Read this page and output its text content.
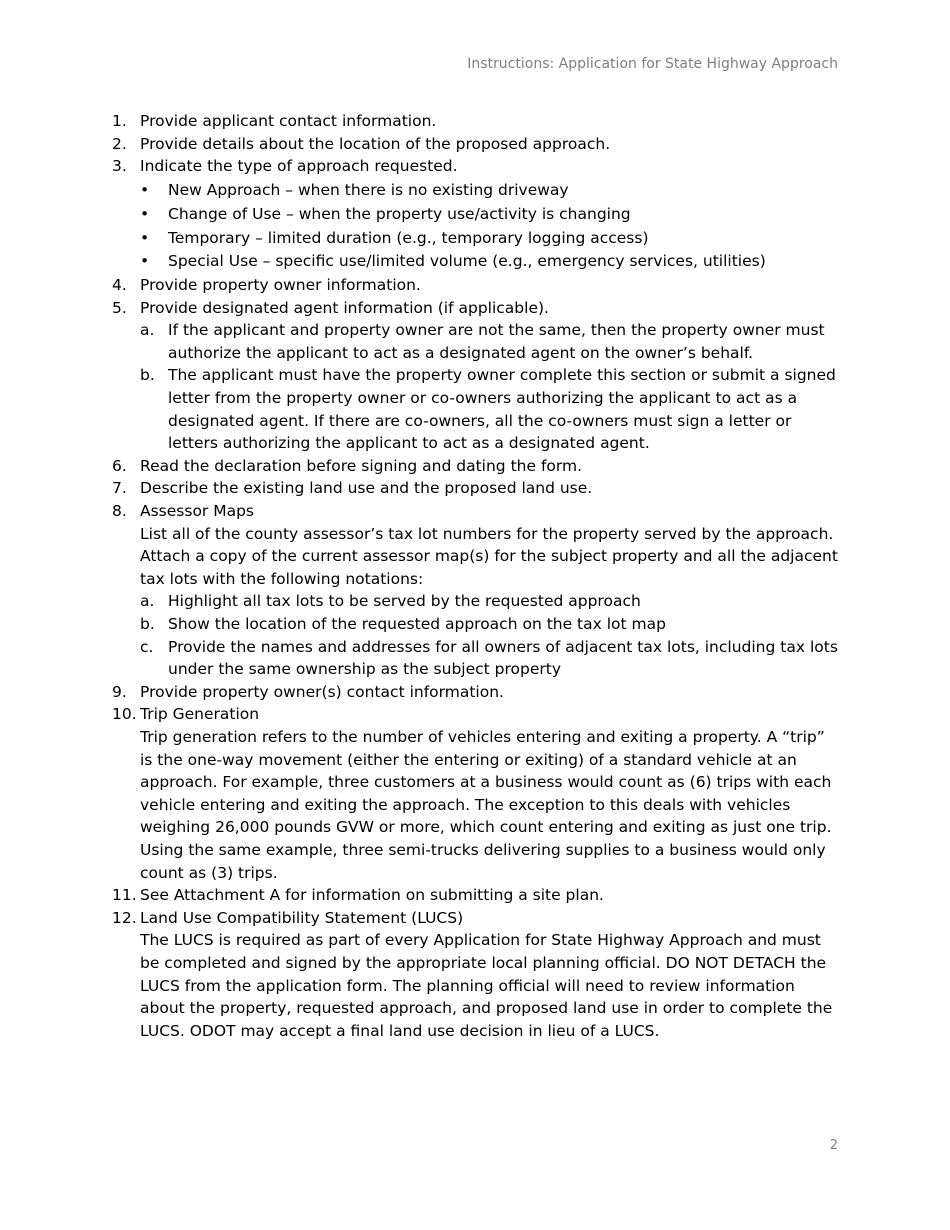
Instructions: Application for State Highway Approach
1. Provide applicant contact information.
2. Provide details about the location of the proposed approach.
3. Indicate the type of approach requested.
• New Approach – when there is no existing driveway
• Change of Use – when the property use/activity is changing
• Temporary – limited duration (e.g., temporary logging access)
• Special Use – specific use/limited volume (e.g., emergency services, utilities)
4. Provide property owner information.
5. Provide designated agent information (if applicable).
a. If the applicant and property owner are not the same, then the property owner must authorize the applicant to act as a designated agent on the owner’s behalf.
b. The applicant must have the property owner complete this section or submit a signed letter from the property owner or co-owners authorizing the applicant to act as a designated agent. If there are co-owners, all the co-owners must sign a letter or letters authorizing the applicant to act as a designated agent.
6. Read the declaration before signing and dating the form.
7. Describe the existing land use and the proposed land use.
8. Assessor Maps
List all of the county assessor’s tax lot numbers for the property served by the approach. Attach a copy of the current assessor map(s) for the subject property and all the adjacent tax lots with the following notations:
a. Highlight all tax lots to be served by the requested approach
b. Show the location of the requested approach on the tax lot map
c. Provide the names and addresses for all owners of adjacent tax lots, including tax lots under the same ownership as the subject property
9. Provide property owner(s) contact information.
10. Trip Generation
Trip generation refers to the number of vehicles entering and exiting a property. A “trip” is the one-way movement (either the entering or exiting) of a standard vehicle at an approach. For example, three customers at a business would count as (6) trips with each vehicle entering and exiting the approach. The exception to this deals with vehicles weighing 26,000 pounds GVW or more, which count entering and exiting as just one trip. Using the same example, three semi-trucks delivering supplies to a business would only count as (3) trips.
11. See Attachment A for information on submitting a site plan.
12. Land Use Compatibility Statement (LUCS)
The LUCS is required as part of every Application for State Highway Approach and must be completed and signed by the appropriate local planning official. DO NOT DETACH the LUCS from the application form. The planning official will need to review information about the property, requested approach, and proposed land use in order to complete the LUCS. ODOT may accept a final land use decision in lieu of a LUCS.
2
